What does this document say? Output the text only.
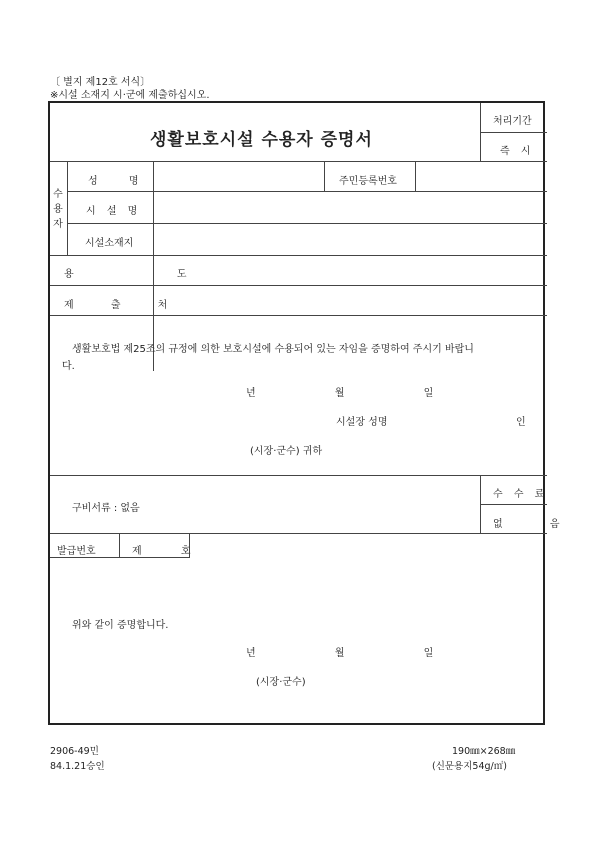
〔 별지 제12호 서식〕
※시설 소재지 시·군에 제출하십시오.
생활보호시설 수용자 증명서
처리기간
즉 시
수용자
성 명	주민등록번호
시 설 명
시설소재지
용 도
제 출 처
생활보호법 제25조의 규정에 의한 보호시설에 수용되어 있는 자임을 증명하여 주시기 바랍니
다.
년 월 일
시설장 성명	인
(시장·군수) 귀하
구비서류 : 없음
수 수 료
없 음
발급번호	제 호
위와 같이 증명합니다.
년 월 일
(시장·군수)
2906-49민
84.1.21승인
190㎜×268㎜
(신문용지54g/㎡)
